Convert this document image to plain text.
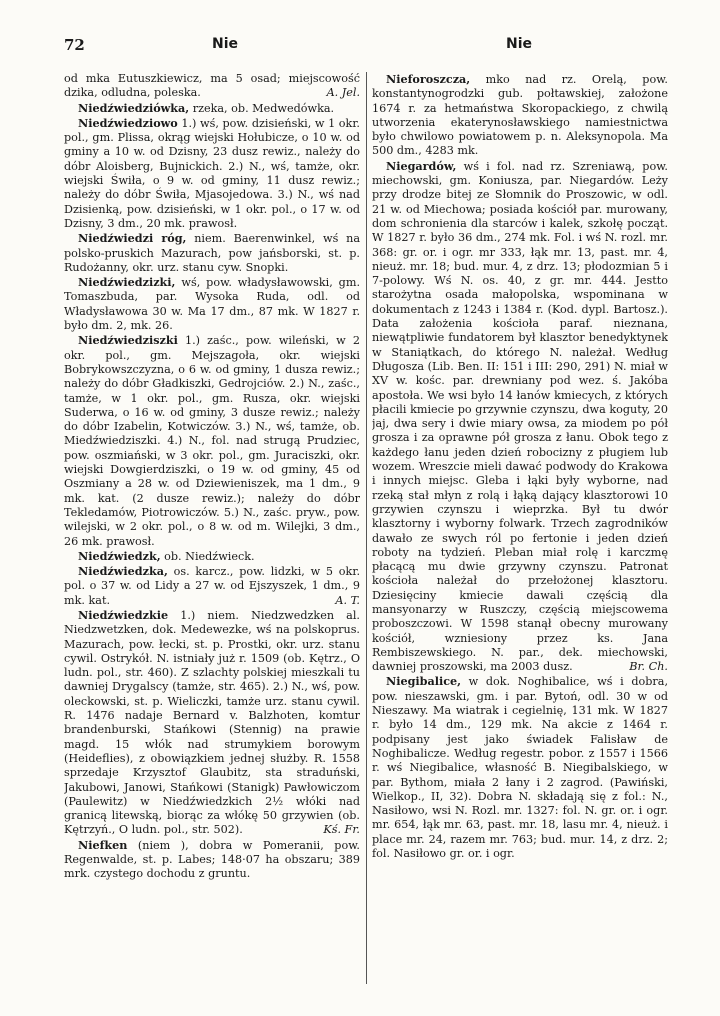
72	Nie	Nie

od mka Eutuszkiewicz, ma 5 osad; miejscowość dzika, odludna, poleska.	A. Jel.

Niedźwiedziówka, rzeka, ob. Medwedówka.

Niedźwiedziowo 1.) wś, pow. dzisieński, w 1 okr. pol., gm. Plissa, okrąg wiejski Hołubicze, o 10 w. od gminy a 10 w. od Dzisny, 23 dusz rewiz., należy do dóbr Aloisberg, Bujnickich. 2.) N., wś, tamże, okr. wiejski Świła, o 9 w. od gminy, 11 dusz rewiz.; należy do dóbr Świła, Mjasojedowa. 3.) N., wś nad Dzisienką, pow. dzisieński, w 1 okr. pol., o 17 w. od Dzisny, 3 dm., 20 mk. prawosł.

Niedźwiedzi róg, niem. Baerenwinkel, wś na polsko-pruskich Mazurach, pow jańsborski, st. p. Rudożanny, okr. urz. stanu cyw. Snopki.

Niedźwiedzizki, wś, pow. władysławowski, gm. Tomaszbuda, par. Wysoka Ruda, odl. od Władysławowa 30 w. Ma 17 dm., 87 mk. W 1827 r. było dm. 2, mk. 26.

Niedźwiedziszki 1.) zaśc., pow. wileński, w 2 okr. pol., gm. Mejszagoła, okr. wiejski Bobrykowszczyzna, o 6 w. od gminy, 1 dusza rewiz.; należy do dóbr Gładkiszki, Gedrojciów. 2.) N., zaśc., tamże, w 1 okr. pol., gm. Rusza, okr. wiejski Suderwa, o 16 w. od gminy, 3 dusze rewiz.; należy do dóbr Izabelin, Kotwiczów. 3.) N., wś, tamże, ob. Miedźwiedziszki. 4.) N., fol. nad strugą Prudziec, pow. oszmiański, w 3 okr. pol., gm. Juraciszki, okr. wiejski Dowgierdziszki, o 19 w. od gminy, 45 od Oszmiany a 28 w. od Dziewieniszek, ma 1 dm., 9 mk. kat. (2 dusze rewiz.); należy do dóbr Tekledamów, Piotrowiczów. 5.) N., zaśc. pryw., pow. wilejski, w 2 okr. pol., o 8 w. od m. Wilejki, 3 dm., 26 mk. prawosł.

Niedźwiedzk, ob. Niedźwieck.

Niedźwiedzka, os. karcz., pow. lidzki, w 5 okr. pol. o 37 w. od Lidy a 27 w. od Ejszyszek, 1 dm., 9 mk. kat.	A. T.

Niedźwiedzkie 1.) niem. Niedzwedzken al. Niedzwetzken, dok. Medewezke, wś na polskoprus. Mazurach, pow. łecki, st. p. Prostki, okr. urz. stanu cywil. Ostrykół. N. istniały już r. 1509 (ob. Kętrz., O ludn. pol., str. 460). Z szlachty polskiej mieszkali tu dawniej Drygalscy (tamże, str. 465). 2.) N., wś, pow. oleckowski, st. p. Wieliczki, tamże urz. stanu cywil. R. 1476 nadaje Bernard v. Balzhoten, komtur brandenburski, Stańkowi (Stennig) na prawie magd. 15 włók nad strumykiem borowym (Heideflies), z obowiązkiem jednej służby. R. 1558 sprzedaje Krzysztof Glaubitz, sta straduński, Jakubowi, Janowi, Stańkowi (Stanigk) Pawłowiczom (Paulewitz) w Niedźwiedzkich 2½ włóki nad granicą litewską, biorąc za włókę 50 grzywien (ob. Kętrzyń., O ludn. pol., str. 502).	Kś. Fr.

Niefken (niem ), dobra w Pomeranii, pow. Regenwalde, st. p. Labes; 148·07 ha obszaru; 389 mrk. czystego dochodu z gruntu.

Nieforoszcza, mko nad rz. Orelą, pow. konstantynogrodzki gub. połtawskiej, założone 1674 r. za hetmaństwa Skoropackiego, z chwilą utworzenia ekaterynosławskiego namiestnictwa było chwilowo powiatowem p. n. Aleksynopola. Ma 500 dm., 4283 mk.

Niegardów, wś i fol. nad rz. Szreniawą, pow. miechowski, gm. Koniusza, par. Niegardów. Leży przy drodze bitej ze Słomnik do Proszowic, w odl. 21 w. od Miechowa; posiada kościół par. murowany, dom schronienia dla starców i kalek, szkołę począt. W 1827 r. było 36 dm., 274 mk. Fol. i wś N. rozl. mr. 368: gr. or. i ogr. mr 333, łąk mr. 13, past. mr. 4, nieuż. mr. 18; bud. mur. 4, z drz. 13; płodozmian 5 i 7-polowy. Wś N. os. 40, z gr. mr. 444. Jestto starożytna osada małopolska, wspominana w dokumentach z 1243 i 1384 r. (Kod. dypl. Bartosz.). Data założenia kościoła paraf. nieznana, niewątpliwie fundatorem był klasztor benedyktynek w Staniątkach, do którego N. należał. Według Długosza (Lib. Ben. II: 151 i III: 290, 291) N. miał w XV w. kośc. par. drewniany pod wez. ś. Jakóba apostoła. We wsi było 14 łanów kmiecych, z których płacili kmiecie po grzywnie czynszu, dwa koguty, 20 jaj, dwa sery i dwie miary owsa, za miodem po pół grosza i za oprawne pół grosza z łanu. Obok tego z każdego łanu jeden dzień robocizny z pługiem lub wozem. Wreszcie mieli dawać podwody do Krakowa i innych miejsc. Gleba i łąki były wyborne, nad rzeką stał młyn z rolą i łąką dający klasztorowi 10 grzywien czynszu i wieprzka. Był tu dwór klasztorny i wyborny folwark. Trzech zagrodników dawało ze swych ról po fertonie i jeden dzień roboty na tydzień. Pleban miał rolę i karczmę płacącą mu dwie grzywny czynszu. Patronat kościoła należał do przełożonej klasztoru. Dziesięciny kmiecie dawali częścią dla mansyonarzy w Ruszczy, częścią miejscowema proboszczowi. W 1598 stanął obecny murowany kościół, wzniesiony przez ks. Jana Rembiszewskiego. N. par., dek. miechowski, dawniej proszowski, ma 2003 dusz.	Br. Ch.

Niegibalice, w dok. Noghibalice, wś i dobra, pow. nieszawski, gm. i par. Bytoń, odl. 30 w od Nieszawy. Ma wiatrak i cegielnię, 131 mk. W 1827 r. było 14 dm., 129 mk. Na akcie z 1464 r. podpisany jest jako świadek Falisław de Noghibalicze. Według regestr. pobor. z 1557 i 1566 r. wś Niegibalice, własność B. Niegibalskiego, w par. Bythom, miała 2 łany i 2 zagrod. (Pawiński, Wielkop., II, 32). Dobra N. składają się z fol.: N., Nasiłowo, wsi N. Rozl. mr. 1327: fol. N. gr. or. i ogr. mr. 654, łąk mr. 63, past. mr. 18, lasu mr. 4, nieuż. i place mr. 24, razem mr. 763; bud. mur. 14, z drz. 2; fol. Nasiłowo gr. or. i ogr.
